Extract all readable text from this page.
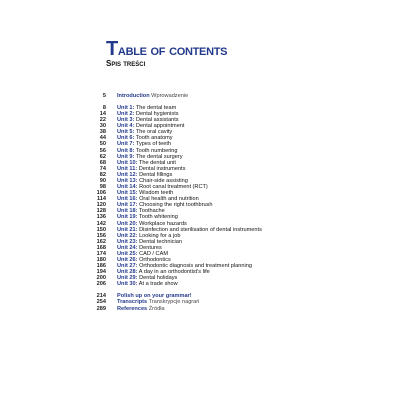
Table of contents
Spis treści
5 Introduction Wprowadzenie
8 Unit 1: The dental team
14 Unit 2: Dental hygienists
22 Unit 3: Dental assistants
30 Unit 4: Dental appointment
38 Unit 5: The oral cavity
44 Unit 6: Tooth anatomy
50 Unit 7: Types of teeth
56 Unit 8: Tooth numbering
62 Unit 9: The dental surgery
68 Unit 10: The dental unit
74 Unit 11: Dental instruments
82 Unit 12: Dental fillings
90 Unit 13: Chair-side assisting
98 Unit 14: Root canal treatment (RCT)
106 Unit 15: Wisdom teeth
114 Unit 16: Oral health and nutrition
120 Unit 17: Choosing the right toothbrush
128 Unit 18: Toothache
136 Unit 19: Tooth whitening
142 Unit 20: Workplace hazards
150 Unit 21: Disinfection and sterilisation of dental instruments
156 Unit 22: Looking for a job
162 Unit 23: Dental technician
168 Unit 24: Dentures
174 Unit 25: CAD / CAM
180 Unit 26: Orthodontics
186 Unit 27: Orthodontic diagnosis and treatment planning
194 Unit 28: A day in an orthodontist's life
200 Unit 29: Dental holidays
206 Unit 30: At a trade show
214 Polish up on your grammar!
254 Transcripts Transkrypcje nagrań
289 References Źródła
